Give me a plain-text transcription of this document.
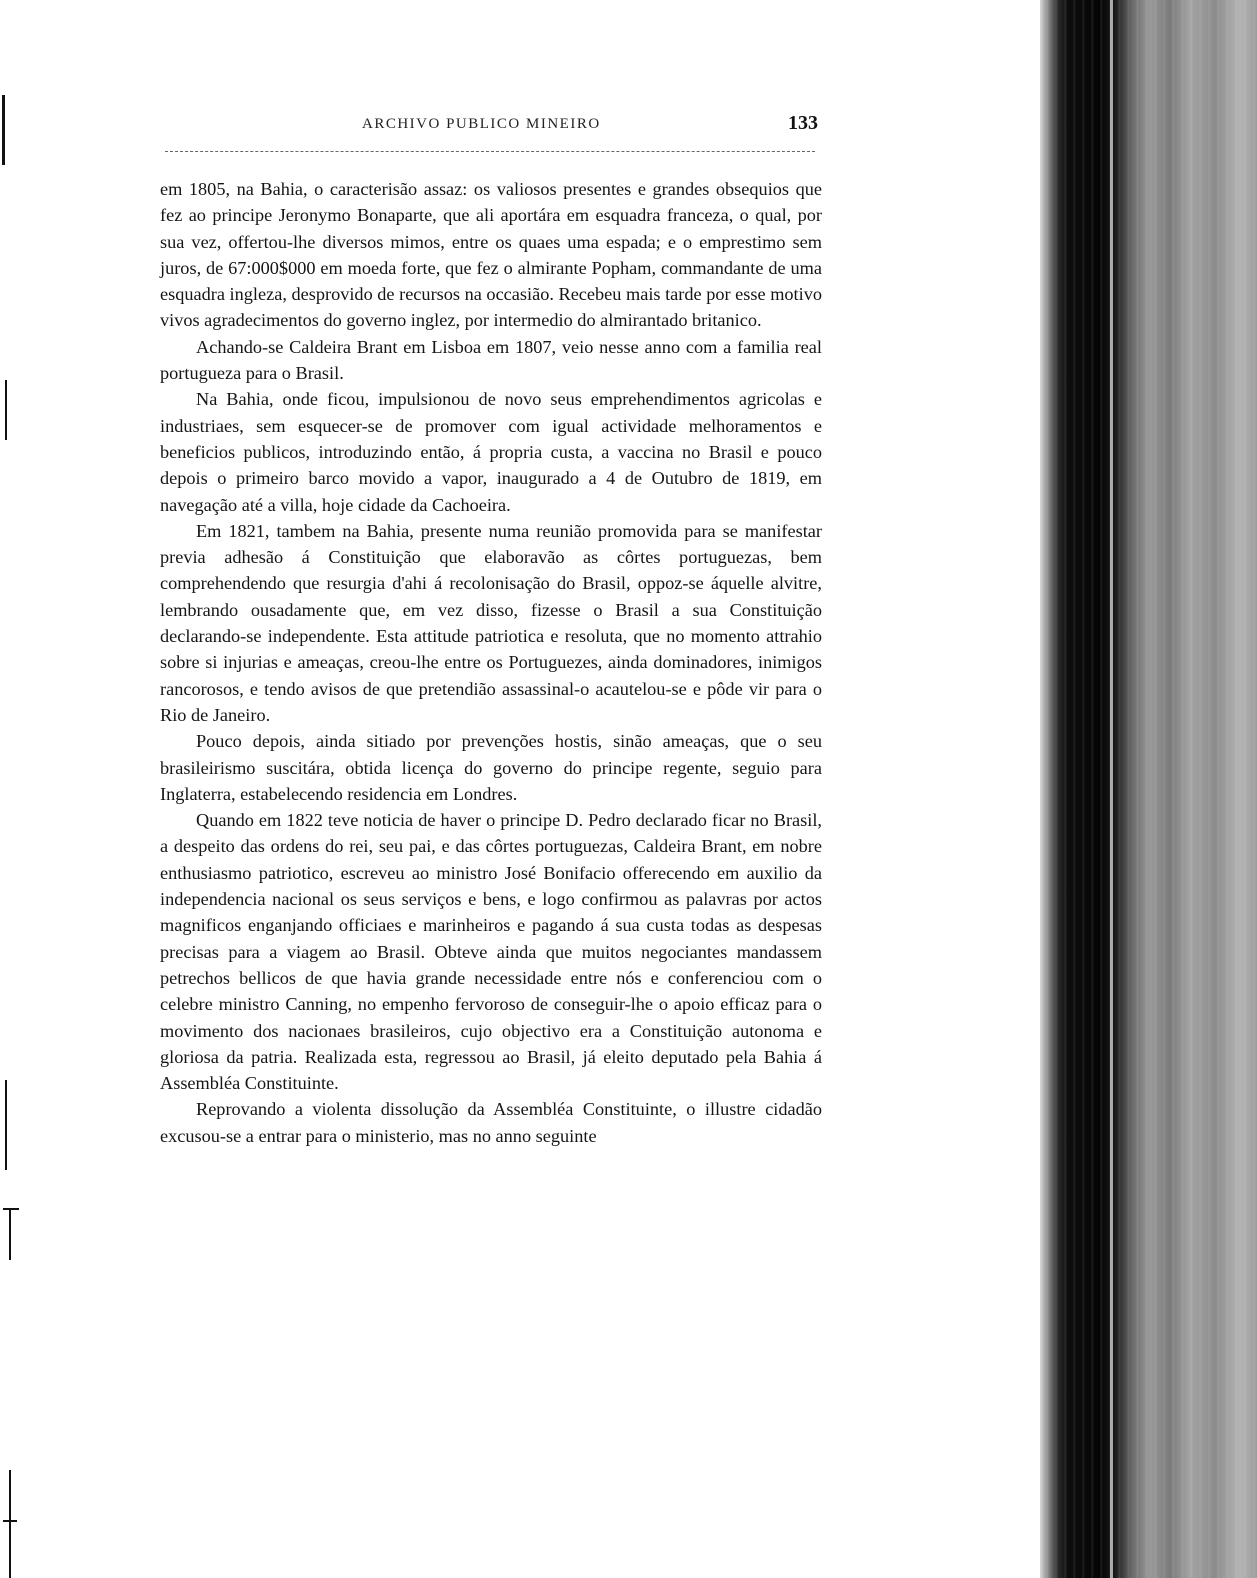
ARCHIVO PUBLICO MINEIRO	133

em 1805, na Bahia, o caracterisão assaz: os valiosos presentes e grandes obsequios que fez ao principe Jeronymo Bonaparte, que ali aportára em esquadra franceza, o qual, por sua vez, offertou-lhe diversos mimos, entre os quaes uma espada; e o emprestimo sem juros, de 67:000$000 em moeda forte, que fez o almirante Popham, commandante de uma esquadra ingleza, desprovido de recursos na occasião. Recebeu mais tarde por esse motivo vivos agradecimentos do governo inglez, por intermedio do almirantado britanico.

Achando-se Caldeira Brant em Lisboa em 1807, veio nesse anno com a familia real portugueza para o Brasil.

Na Bahia, onde ficou, impulsionou de novo seus emprehendimentos agricolas e industriaes, sem esquecer-se de promover com igual actividade melhoramentos e beneficios publicos, introduzindo então, á propria custa, a vaccina no Brasil e pouco depois o primeiro barco movido a vapor, inaugurado a 4 de Outubro de 1819, em navegação até a villa, hoje cidade da Cachoeira.

Em 1821, tambem na Bahia, presente numa reunião promovida para se manifestar previa adhesão á Constituição que elaboravão as côrtes portuguezas, bem comprehendendo que resurgia d'ahi á recolonisação do Brasil, oppoz-se áquelle alvitre, lembrando ousadamente que, em vez disso, fizesse o Brasil a sua Constituição declarando-se independente. Esta attitude patriotica e resoluta, que no momento attrahio sobre si injurias e ameaças, creou-lhe entre os Portuguezes, ainda dominadores, inimigos rancorosos, e tendo avisos de que pretendião assassinal-o acautelou-se e pôde vir para o Rio de Janeiro.

Pouco depois, ainda sitiado por prevenções hostis, sinão ameaças, que o seu brasileirismo suscitára, obtida licença do governo do principe regente, seguio para Inglaterra, estabelecendo residencia em Londres.

Quando em 1822 teve noticia de haver o principe D. Pedro declarado ficar no Brasil, a despeito das ordens do rei, seu pai, e das côrtes portuguezas, Caldeira Brant, em nobre enthusiasmo patriotico, escreveu ao ministro José Bonifacio offerecendo em auxilio da independencia nacional os seus serviços e bens, e logo confirmou as palavras por actos magnificos enganjando officiaes e marinheiros e pagando á sua custa todas as despesas precisas para a viagem ao Brasil. Obteve ainda que muitos negociantes mandassem petrechos bellicos de que havia grande necessidade entre nós e conferenciou com o celebre ministro Canning, no empenho fervoroso de conseguir-lhe o apoio efficaz para o movimento dos nacionaes brasileiros, cujo objectivo era a Constituição autonoma e gloriosa da patria. Realizada esta, regressou ao Brasil, já eleito deputado pela Bahia á Assembléa Constituinte.

Reprovando a violenta dissolução da Assembléa Constituinte, o illustre cidadão excusou-se a entrar para o ministerio, mas no anno seguinte
